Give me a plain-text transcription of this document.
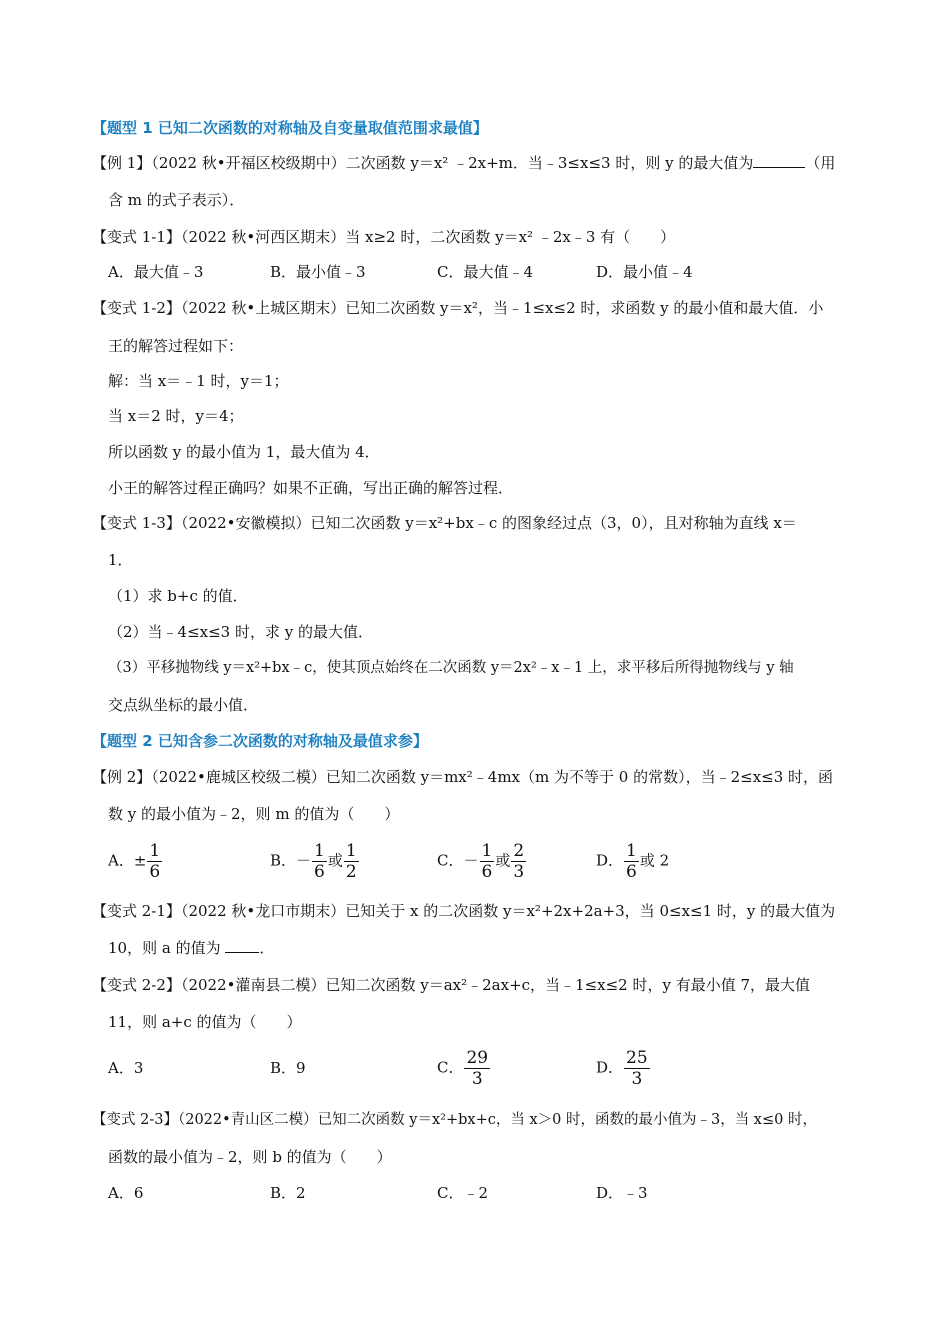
【题型 1 已知二次函数的对称轴及自变量取值范围求最值】
【例 1】（2022 秋•开福区校级期中）二次函数 y＝x² ﹣2x+m．当﹣3≤x≤3 时，则 y 的最大值为	（用
含 m 的式子表示）．
【变式 1-1】（2022 秋•河西区期末）当 x≥2 时，二次函数 y＝x² ﹣2x﹣3 有（　　）
A．最大值﹣3	B．最小值﹣3	C．最大值﹣4	D．最小值﹣4
【变式 1-2】（2022 秋•上城区期末）已知二次函数 y＝x²，当﹣1≤x≤2 时，求函数 y 的最小值和最大值．小
王的解答过程如下：
解：当 x＝﹣1 时，y＝1；
当 x＝2 时，y＝4；
所以函数 y 的最小值为 1，最大值为 4．
小王的解答过程正确吗？如果不正确，写出正确的解答过程．
【变式 1-3】（2022•安徽模拟）已知二次函数 y＝x²+bx﹣c 的图象经过点（3，0），且对称轴为直线 x＝
1．
（1）求 b+c 的值．
（2）当﹣4≤x≤3 时，求 y 的最大值．
（3）平移抛物线 y＝x²+bx﹣c，使其顶点始终在二次函数 y＝2x²﹣x﹣1 上，求平移后所得抛物线与 y 轴
交点纵坐标的最小值．
【题型 2 已知含参二次函数的对称轴及最值求参】
【例 2】（2022•鹿城区校级二模）已知二次函数 y＝mx²﹣4mx（m 为不等于 0 的常数），当﹣2≤x≤3 时，函
数 y 的最小值为﹣2，则 m 的值为（　　）
A．± $\frac{1}{6}$	B．－ $\frac{1}{6}$ 或 $\frac{1}{2}$	C．－ $\frac{1}{6}$ 或 $\frac{2}{3}$	D． $\frac{1}{6}$ 或 2
【变式 2-1】（2022 秋•龙口市期末）已知关于 x 的二次函数 y＝x²+2x+2a+3，当 0≤x≤1 时，y 的最大值为
10，则 a 的值为	．
【变式 2-2】（2022•灌南县二模）已知二次函数 y＝ax²﹣2ax+c，当﹣1≤x≤2 时，y 有最小值 7，最大值
11，则 a+c 的值为（　　）
A．3	B．9	C． $\frac{29}{3}$	D． $\frac{25}{3}$
【变式 2-3】（2022•青山区二模）已知二次函数 y＝x²+bx+c，当 x＞0 时，函数的最小值为﹣3，当 x≤0 时，
函数的最小值为﹣2，则 b 的值为（　　）
A．6	B．2	C．﹣2	D．﹣3
